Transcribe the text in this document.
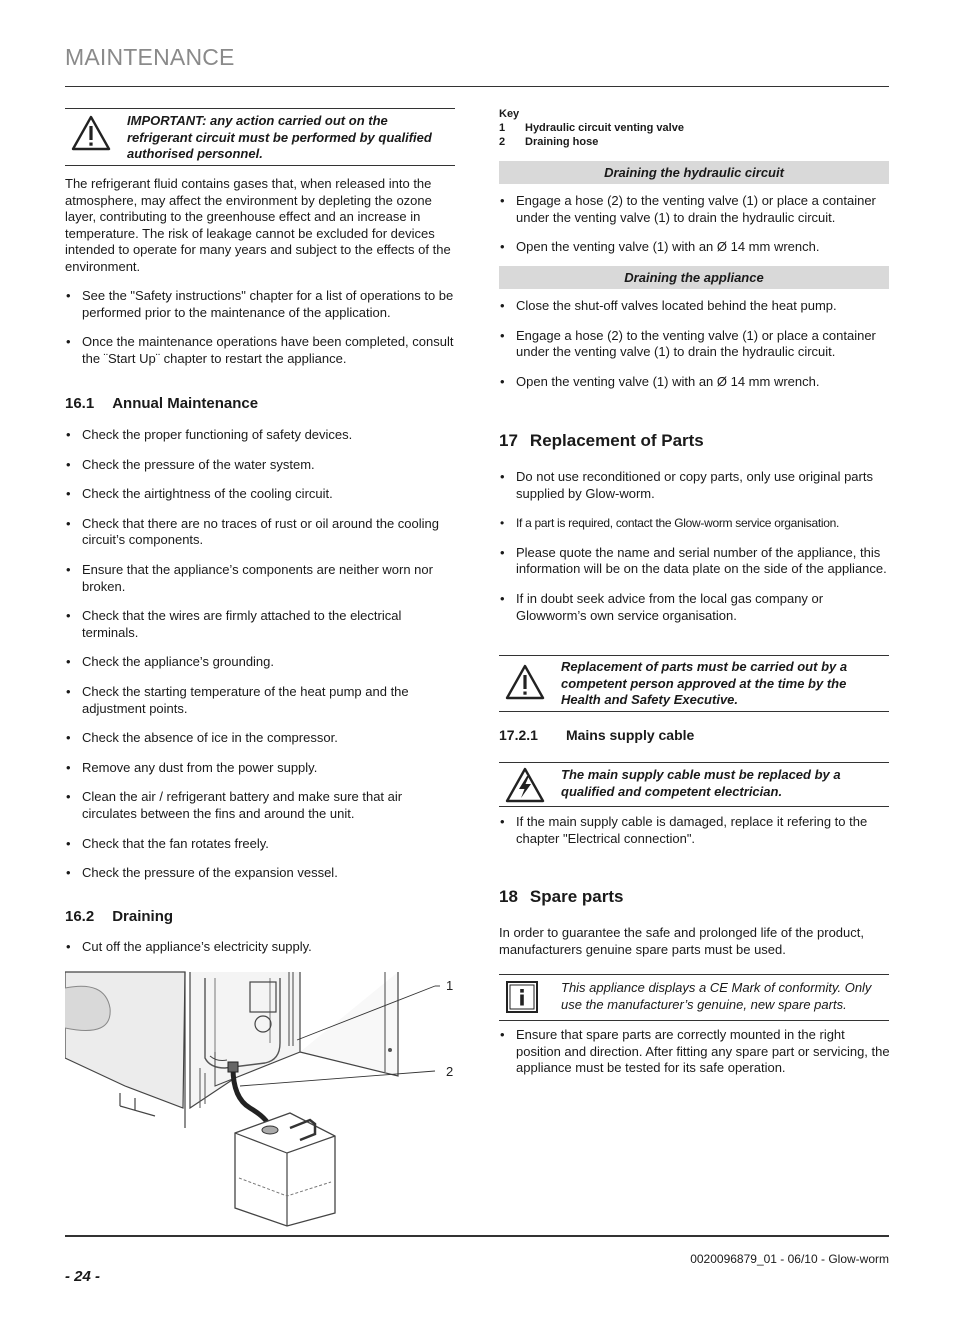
MAINTENANCE
IMPORTANT: any action carried out on the refrigerant circuit must be performed by qualified authorised personnel.

The refrigerant fluid contains gases that, when released into the atmosphere, may affect the environment by depleting the ozone layer, contributing to the greenhouse effect and an increase in temperature. The risk of leakage cannot be excluded for devices intended to operate for many years and subject to the effects of the environment.

• See the "Safety instructions" chapter for a list of operations to be performed prior to the maintenance of the application.
• Once the maintenance operations have been completed, consult the ¨Start Up¨ chapter to restart the appliance.
16.1 Annual Maintenance
• Check the proper functioning of safety devices.
• Check the pressure of the water system.
• Check the airtightness of the cooling circuit.
• Check that there are no traces of rust or oil around the cooling circuit’s components.
• Ensure that the appliance’s components are neither worn nor broken.
• Check that the wires are firmly attached to the electrical terminals.
• Check the appliance’s grounding.
• Check the starting temperature of the heat pump and the adjustment points.
• Check the absence of ice in the compressor.
• Remove any dust from the power supply.
• Clean the air / refrigerant battery and make sure that air circulates between the fins and around the unit.
• Check that the fan rotates freely.
• Check the pressure of the expansion vessel.
16.2 Draining
• Cut off the appliance’s electricity supply.
1
2
Key
1 Hydraulic circuit venting valve
2 Draining hose
Draining the hydraulic circuit
• Engage a hose (2) to the venting valve (1) or place a container under the venting valve (1) to drain the hydraulic circuit.
• Open the venting valve (1) with an Ø 14 mm wrench.
Draining the appliance
• Close the shut-off valves located behind the heat pump.
• Engage a hose (2) to the venting valve (1) or place a container under the venting valve (1) to drain the hydraulic circuit.
• Open the venting valve (1) with an Ø 14 mm wrench.
17 Replacement of Parts
• Do not use reconditioned or copy parts, only use original parts supplied by Glow-worm.
• If a part is required, contact the Glow-worm service organisation.
• Please quote the name and serial number of the appliance, this information will be on the data plate on the side of the appliance.
• If in doubt seek advice from the local gas company or Glowworm’s own service organisation.
Replacement of parts must be carried out by a competent person approved at the time by the Health and Safety Executive.
17.2.1 Mains supply cable
The main supply cable must be replaced by a qualified and competent electrician.
• If the main supply cable is damaged, replace it refering to the chapter "Electrical connection".
18 Spare parts

In order to guarantee the safe and prolonged life of the product, manufacturers genuine spare parts must be used.

This appliance displays a CE Mark of conformity. Only use the manufacturer’s genuine, new spare parts.
• Ensure that spare parts are correctly mounted in the right position and direction. After fitting any spare part or servicing, the appliance must be tested for its safe operation.
- 24 -
0020096879_01 - 06/10 - Glow-worm
